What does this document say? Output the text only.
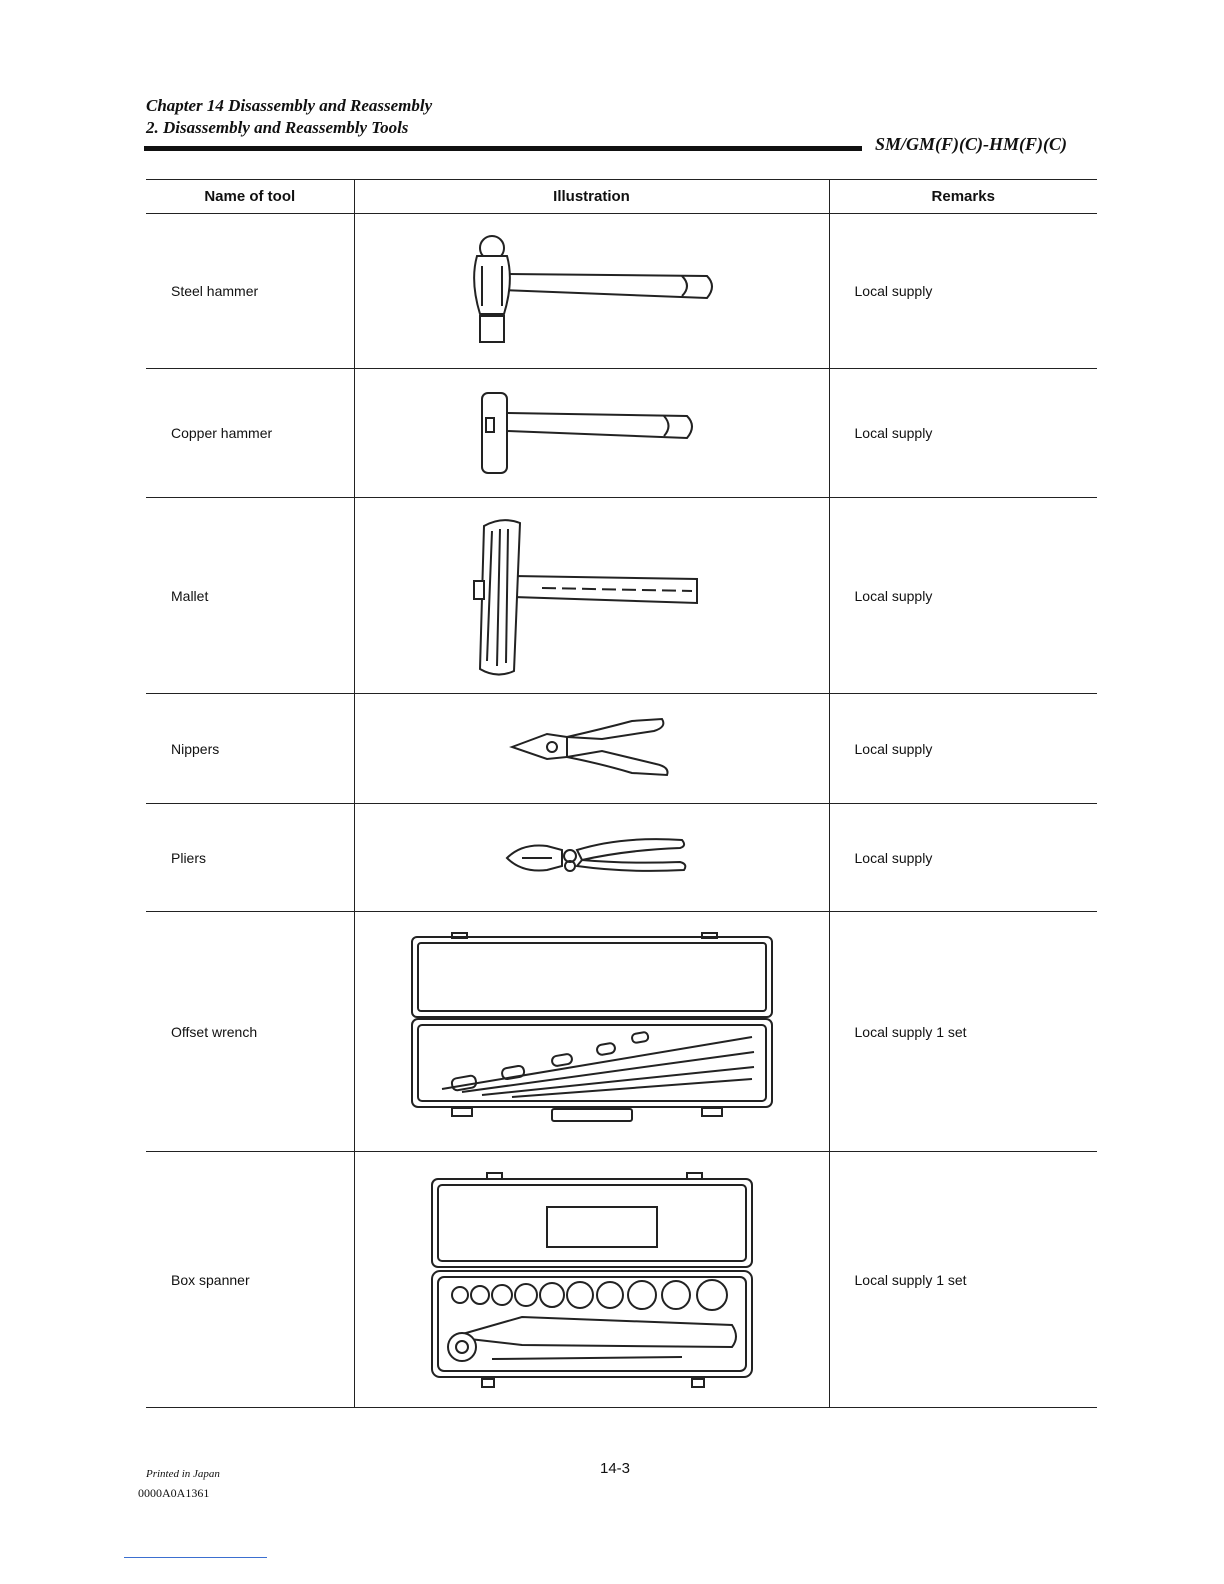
Chapter 14 Disassembly and Reassembly
2. Disassembly and Reassembly Tools
SM/GM(F)(C)-HM(F)(C)
Name of tool	Illustration	Remarks
Steel hammer		Local supply
Copper hammer		Local supply
Mallet		Local supply
Nippers		Local supply
Pliers		Local supply
Offset wrench		Local supply 1 set
Box spanner		Local supply 1 set
Printed in Japan
0000A0A1361
14-3
